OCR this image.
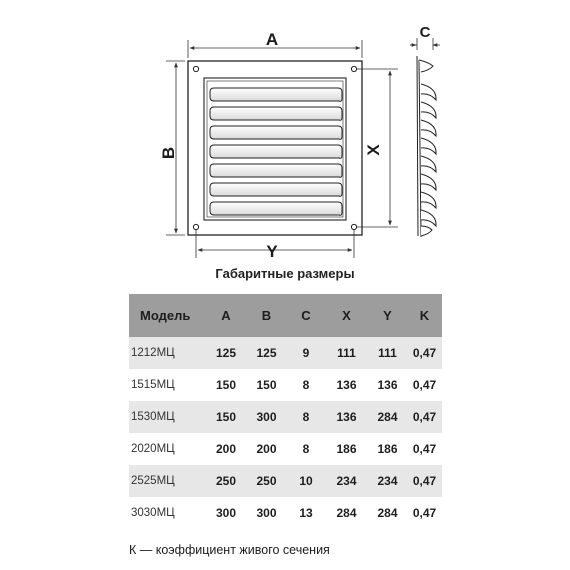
A
B	X
Y
C
Габаритные размеры
Модель	A	B	C	X	Y	K
1212МЦ	125	125	9	111	111	0,47
1515МЦ	150	150	8	136	136	0,47
1530МЦ	150	300	8	136	284	0,47
2020МЦ	200	200	8	186	186	0,47
2525МЦ	250	250	10	234	234	0,47
3030МЦ	300	300	13	284	284	0,47
К — коэффициент живого сечения
